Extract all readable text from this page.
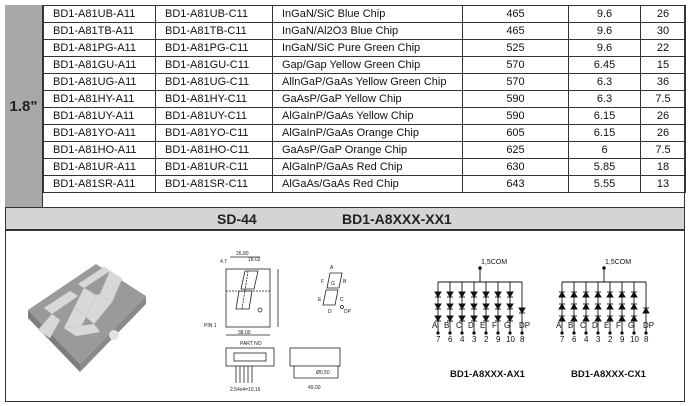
1.8"
BD1-A81UB-A11	BD1-A81UB-C11	InGaN/SiC Blue Chip	465	9.6	26
BD1-A81TB-A11	BD1-A81TB-C11	InGaN/Al2O3 Blue Chip	465	9.6	30
BD1-A81PG-A11	BD1-A81PG-C11	InGaN/SiC Pure Green Chip	525	9.6	22
BD1-A81GU-A11	BD1-A81GU-C11	Gap/Gap Yellow Green Chip	570	6.45	15
BD1-A81UG-A11	BD1-A81UG-C11	AllnGaP/GaAs Yellow Green Chip	570	6.3	36
BD1-A81HY-A11	BD1-A81HY-C11	GaAsP/GaP Yellow Chip	590	6.3	7.5
BD1-A81UY-A11	BD1-A81UY-C11	AlGaInP/GaAs Yellow Chip	590	6.15	26
BD1-A81YO-A11	BD1-A81YO-C11	AlGaInP/GaAs Orange Chip	605	6.15	26
BD1-A81HO-A11	BD1-A81HO-C11	GaAsP/GaP Orange Chip	625	6	7.5
BD1-A81UR-A11	BD1-A81UR-C11	AlGaInP/GaAs Red Chip	630	5.85	18
BD1-A81SR-A11	BD1-A81SR-C11	AlGaAs/GaAs Red Chip	643	5.55	13
SD-44	BD1-A8XXX-XX1
26.80
18.02
4.7
PIN 1
38.00
PART NO
2.54x4=10.16	49.00
Ø0.50
A
B
C
D
E
F G
DP
1,5COM
A
7
B
6
C
4
D
3
E
2
F
9
G
10
DP
8
BD1-A8XXX-AX1
1,5COM
A
7
B
6
C
4
D
3
E
2
F
9
G
10
DP
8
BD1-A8XXX-CX1
